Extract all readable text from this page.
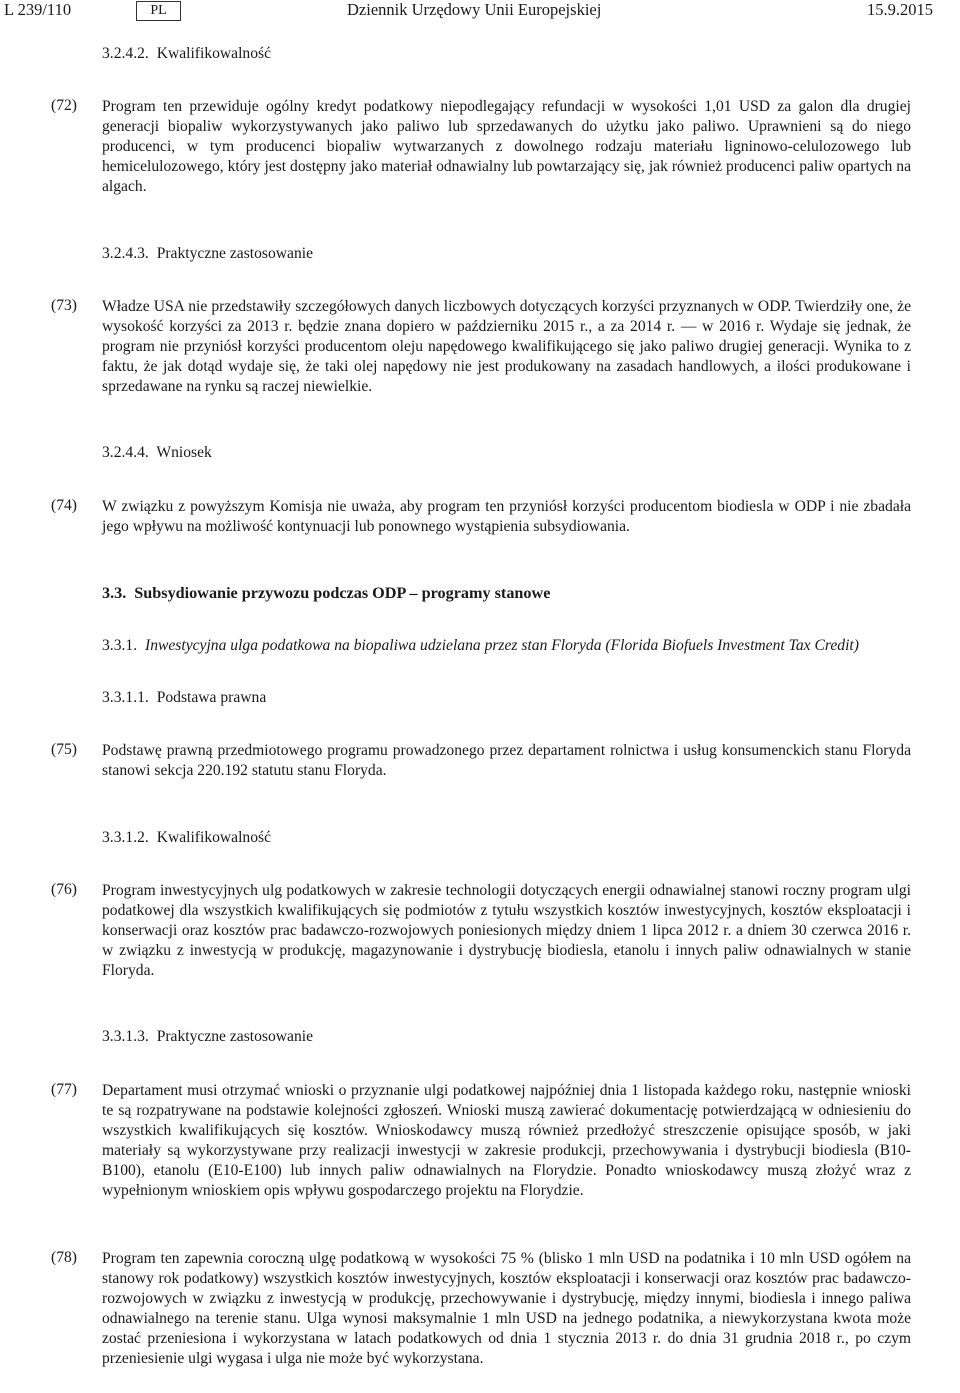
L 239/110	PL	Dziennik Urzędowy Unii Europejskiej	15.9.2015
3.2.4.2. Kwalifikowalność
(72) Program ten przewiduje ogólny kredyt podatkowy niepodlegający refundacji w wysokości 1,01 USD za galon dla drugiej generacji biopaliw wykorzystywanych jako paliwo lub sprzedawanych do użytku jako paliwo. Uprawnieni są do niego producenci, w tym producenci biopaliw wytwarzanych z dowolnego rodzaju materiału ligninowo-celulozowego lub hemicelulozowego, który jest dostępny jako materiał odnawialny lub powtarzający się, jak również producenci paliw opartych na algach.
3.2.4.3. Praktyczne zastosowanie
(73) Władze USA nie przedstawiły szczegółowych danych liczbowych dotyczących korzyści przyznanych w ODP. Twierdziły one, że wysokość korzyści za 2013 r. będzie znana dopiero w październiku 2015 r., a za 2014 r. — w 2016 r. Wydaje się jednak, że program nie przyniósł korzyści producentom oleju napędowego kwalifikującego się jako paliwo drugiej generacji. Wynika to z faktu, że jak dotąd wydaje się, że taki olej napędowy nie jest produkowany na zasadach handlowych, a ilości produkowane i sprzedawane na rynku są raczej niewielkie.
3.2.4.4. Wniosek
(74) W związku z powyższym Komisja nie uważa, aby program ten przyniósł korzyści producentom biodiesla w ODP i nie zbadała jego wpływu na możliwość kontynuacji lub ponownego wystąpienia subsydiowania.
3.3. Subsydiowanie przywozu podczas ODP – programy stanowe
3.3.1. Inwestycyjna ulga podatkowa na biopaliwa udzielana przez stan Floryda (Florida Biofuels Investment Tax Credit)
3.3.1.1. Podstawa prawna
(75) Podstawę prawną przedmiotowego programu prowadzonego przez departament rolnictwa i usług konsumenckich stanu Floryda stanowi sekcja 220.192 statutu stanu Floryda.
3.3.1.2. Kwalifikowalność
(76) Program inwestycyjnych ulg podatkowych w zakresie technologii dotyczących energii odnawialnej stanowi roczny program ulgi podatkowej dla wszystkich kwalifikujących się podmiotów z tytułu wszystkich kosztów inwestycyjnych, kosztów eksploatacji i konserwacji oraz kosztów prac badawczo-rozwojowych poniesionych między dniem 1 lipca 2012 r. a dniem 30 czerwca 2016 r. w związku z inwestycją w produkcję, magazynowanie i dystrybucję biodiesla, etanolu i innych paliw odnawialnych w stanie Floryda.
3.3.1.3. Praktyczne zastosowanie
(77) Departament musi otrzymać wnioski o przyznanie ulgi podatkowej najpóźniej dnia 1 listopada każdego roku, następnie wnioski te są rozpatrywane na podstawie kolejności zgłoszeń. Wnioski muszą zawierać dokumentację potwierdzającą w odniesieniu do wszystkich kwalifikujących się kosztów. Wnioskodawcy muszą również przedłożyć streszczenie opisujące sposób, w jaki materiały są wykorzystywane przy realizacji inwestycji w zakresie produkcji, przechowywania i dystrybucji biodiesla (B10-B100), etanolu (E10-E100) lub innych paliw odnawialnych na Florydzie. Ponadto wnioskodawcy muszą złożyć wraz z wypełnionym wnioskiem opis wpływu gospodarczego projektu na Florydzie.
(78) Program ten zapewnia coroczną ulgę podatkową w wysokości 75 % (blisko 1 mln USD na podatnika i 10 mln USD ogółem na stanowy rok podatkowy) wszystkich kosztów inwestycyjnych, kosztów eksploatacji i konserwacji oraz kosztów prac badawczo-rozwojowych w związku z inwestycją w produkcję, przechowywanie i dystrybucję, między innymi, biodiesla i innego paliwa odnawialnego na terenie stanu. Ulga wynosi maksymalnie 1 mln USD na jednego podatnika, a niewykorzystana kwota może zostać przeniesiona i wykorzystana w latach podatkowych od dnia 1 stycznia 2013 r. do dnia 31 grudnia 2018 r., po czym przeniesienie ulgi wygasa i ulga nie może być wykorzystana.
